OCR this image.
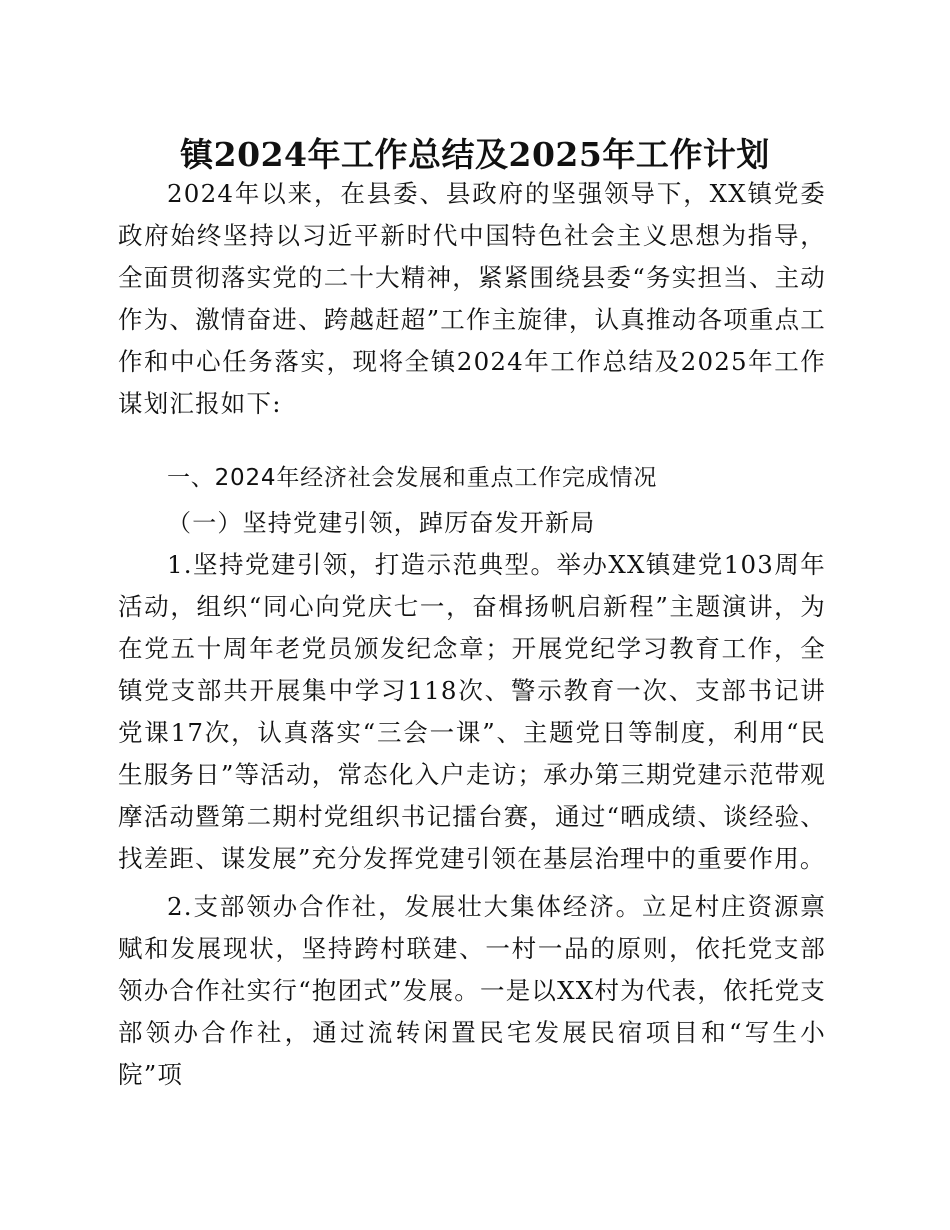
镇2024年工作总结及2025年工作计划

2024年以来，在县委、县政府的坚强领导下，XX镇党委政府始终坚持以习近平新时代中国特色社会主义思想为指导，全面贯彻落实党的二十大精神，紧紧围绕县委“务实担当、主动作为、激情奋进、跨越赶超”工作主旋律，认真推动各项重点工作和中心任务落实，现将全镇2024年工作总结及2025年工作谋划汇报如下:

一、2024年经济社会发展和重点工作完成情况

（一）坚持党建引领，踔厉奋发开新局

1.坚持党建引领，打造示范典型。举办XX镇建党103周年活动，组织“同心向党庆七一，奋楫扬帆启新程”主题演讲，为在党五十周年老党员颁发纪念章；开展党纪学习教育工作，全镇党支部共开展集中学习118次、警示教育一次、支部书记讲党课17次，认真落实“三会一课”、主题党日等制度，利用“民生服务日”等活动，常态化入户走访；承办第三期党建示范带观摩活动暨第二期村党组织书记擂台赛，通过“晒成绩、谈经验、找差距、谋发展”充分发挥党建引领在基层治理中的重要作用。

2.支部领办合作社，发展壮大集体经济。立足村庄资源禀赋和发展现状，坚持跨村联建、一村一品的原则，依托党支部领办合作社实行“抱团式”发展。一是以XX村为代表，依托党支部领办合作社，通过流转闲置民宅发展民宿项目和“写生小院”项
